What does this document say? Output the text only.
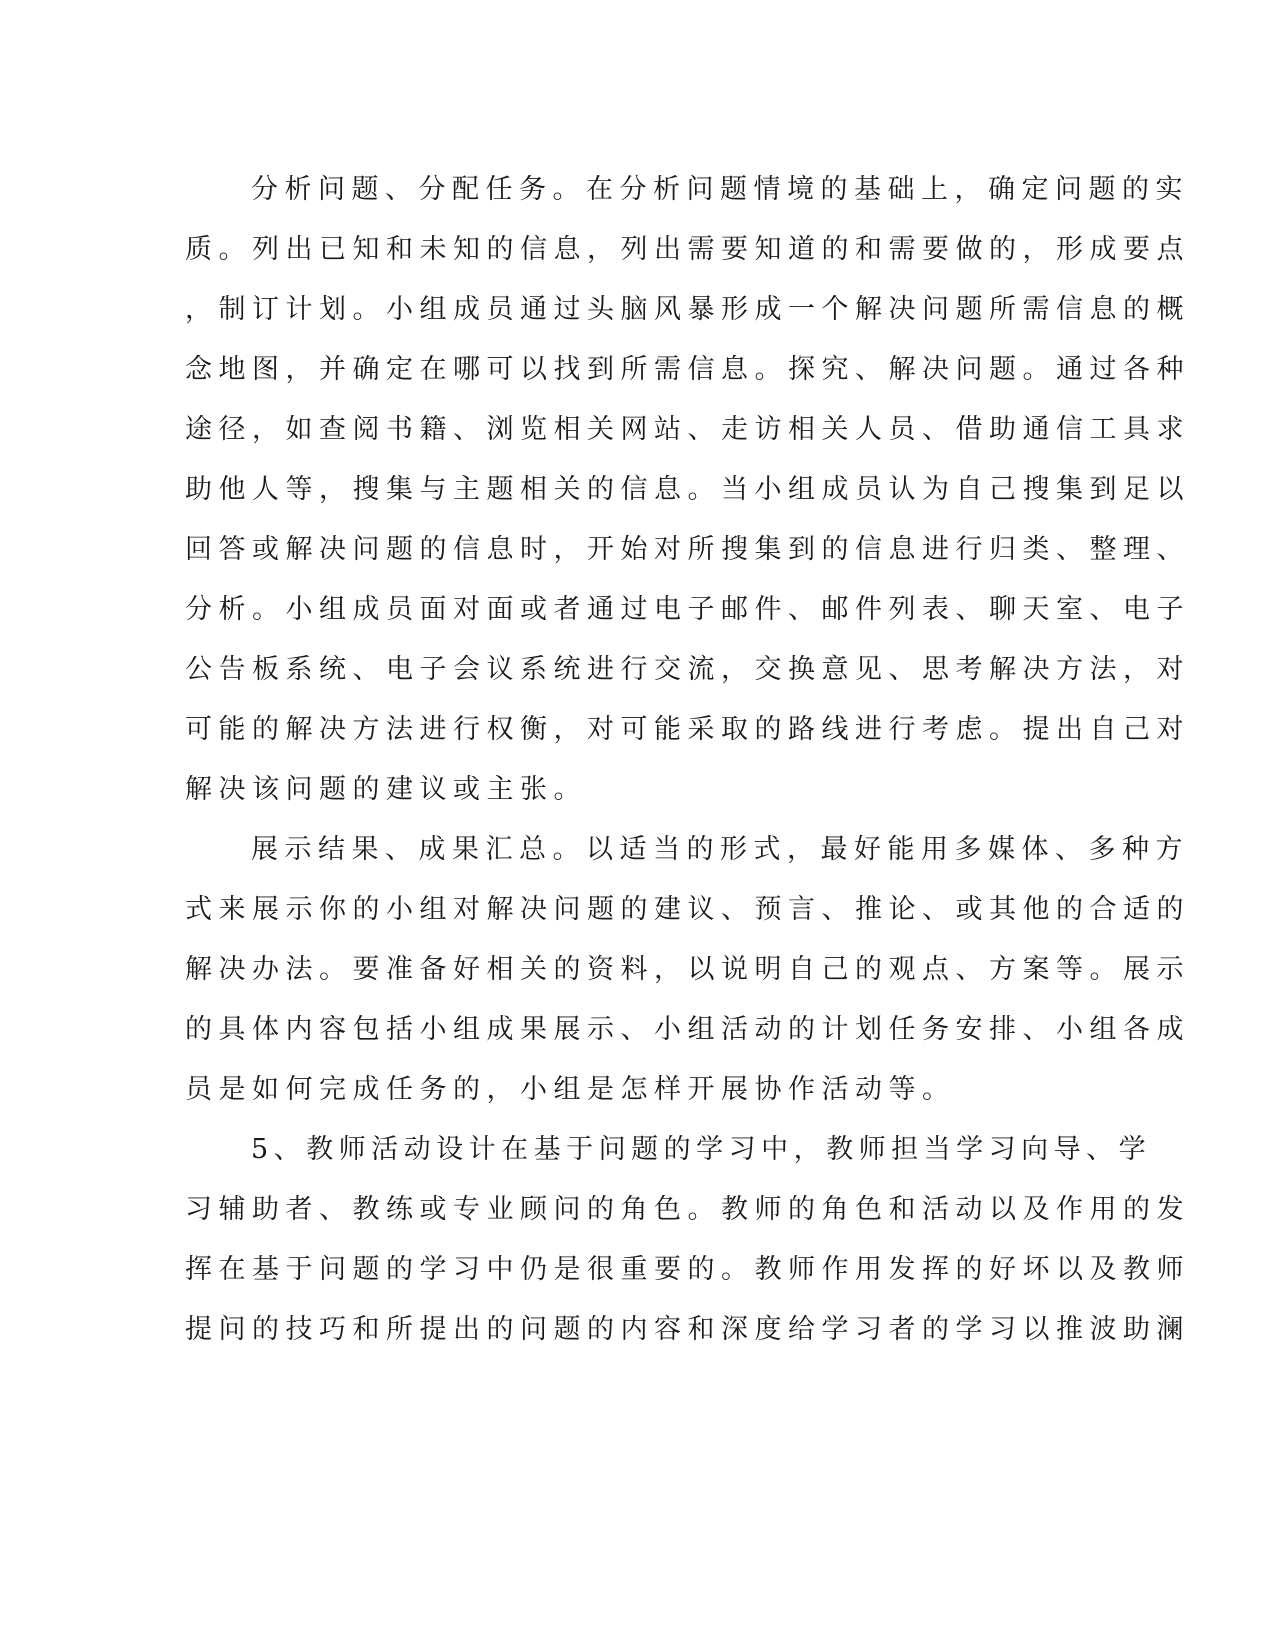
分析问题、分配任务。在分析问题情境的基础上，确定问题的实
质。列出已知和未知的信息，列出需要知道的和需要做的，形成要点
，制订计划。小组成员通过头脑风暴形成一个解决问题所需信息的概
念地图，并确定在哪可以找到所需信息。探究、解决问题。通过各种
途径，如查阅书籍、浏览相关网站、走访相关人员、借助通信工具求
助他人等，搜集与主题相关的信息。当小组成员认为自己搜集到足以
回答或解决问题的信息时，开始对所搜集到的信息进行归类、整理、
分析。小组成员面对面或者通过电子邮件、邮件列表、聊天室、电子
公告板系统、电子会议系统进行交流，交换意见、思考解决方法，对
可能的解决方法进行权衡，对可能采取的路线进行考虑。提出自己对
解决该问题的建议或主张。
展示结果、成果汇总。以适当的形式，最好能用多媒体、多种方
式来展示你的小组对解决问题的建议、预言、推论、或其他的合适的
解决办法。要准备好相关的资料，以说明自己的观点、方案等。展示
的具体内容包括小组成果展示、小组活动的计划任务安排、小组各成
员是如何完成任务的，小组是怎样开展协作活动等。
5、教师活动设计在基于问题的学习中，教师担当学习向导、学
习辅助者、教练或专业顾问的角色。教师的角色和活动以及作用的发
挥在基于问题的学习中仍是很重要的。教师作用发挥的好坏以及教师
提问的技巧和所提出的问题的内容和深度给学习者的学习以推波助澜
